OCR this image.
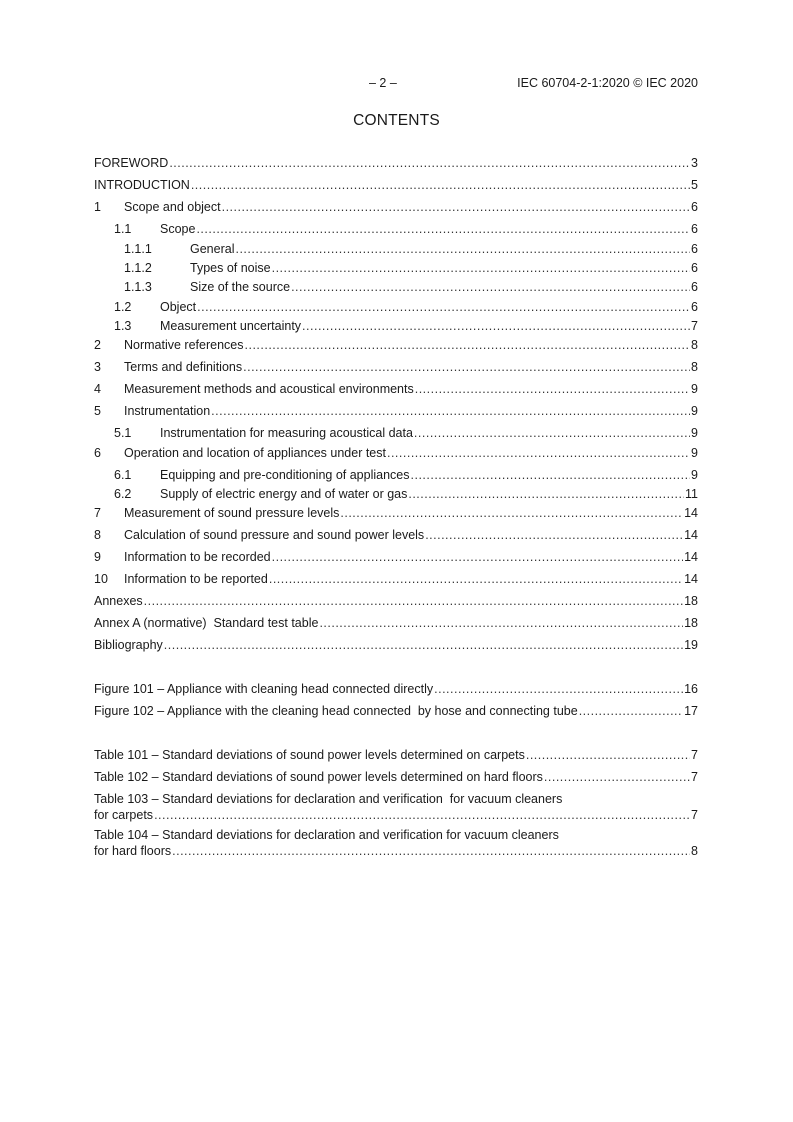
– 2 –	IEC 60704-2-1:2020 © IEC 2020
CONTENTS
FOREWORD .....	3
INTRODUCTION .....	5
1	Scope and object .....	6
1.1	Scope .....	6
1.1.1	General .....	6
1.1.2	Types of noise .....	6
1.1.3	Size of the source .....	6
1.2	Object .....	6
1.3	Measurement uncertainty .....	7
2	Normative references .....	8
3	Terms and definitions .....	8
4	Measurement methods and acoustical environments .....	9
5	Instrumentation .....	9
5.1	Instrumentation for measuring acoustical data .....	9
6	Operation and location of appliances under test .....	9
6.1	Equipping and pre-conditioning of appliances .....	9
6.2	Supply of electric energy and of water or gas .....	11
7	Measurement of sound pressure levels .....	14
8	Calculation of sound pressure and sound power levels .....	14
9	Information to be recorded .....	14
10	Information to be reported .....	14
Annexes .....	18
Annex A (normative)  Standard test table .....	18
Bibliography .....	19
Figure 101 – Appliance with cleaning head connected directly .....	16
Figure 102 – Appliance with the cleaning head connected  by hose and connecting tube .....	17
Table 101 – Standard deviations of sound power levels determined on carpets .....	7
Table 102 – Standard deviations of sound power levels determined on hard floors .....	7
Table 103 – Standard deviations for declaration and verification  for vacuum cleaners
for carpets .....	7
Table 104 – Standard deviations for declaration and verification for vacuum cleaners
for hard floors .....	8
